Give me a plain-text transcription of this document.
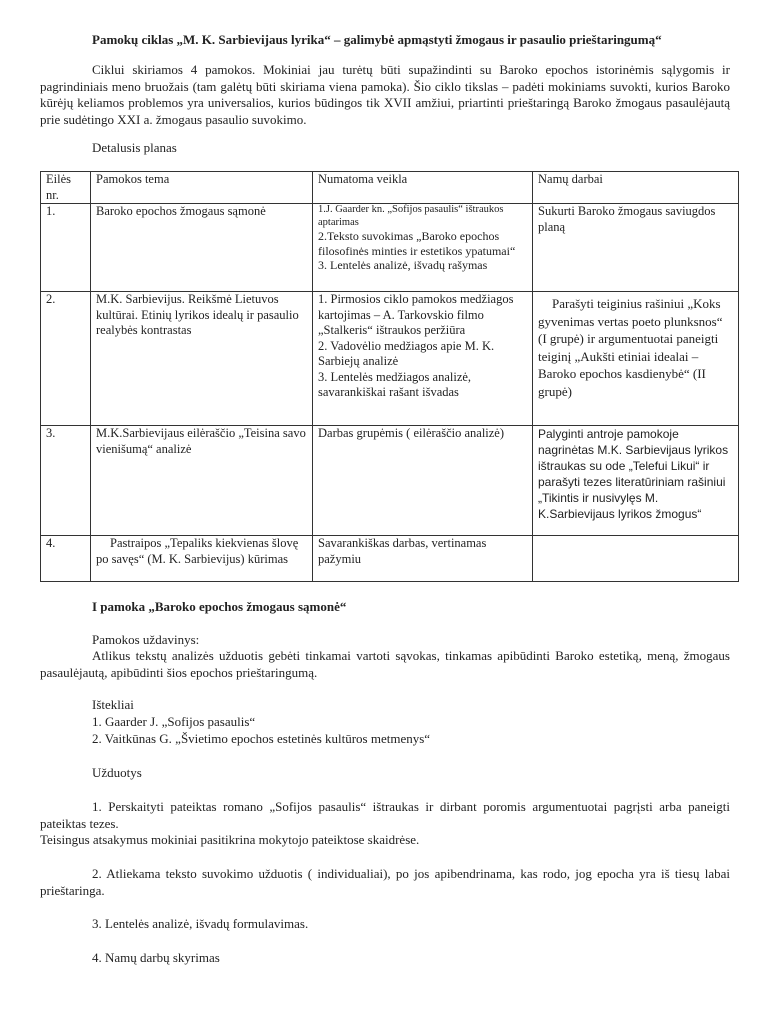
Pamokų ciklas „M. K. Sarbievijaus lyrika“ – galimybė apmąstyti žmogaus ir pasaulio prieštaringumą“
Ciklui skiriamos 4 pamokos. Mokiniai jau turėtų būti supažindinti su Baroko epochos istorinėmis sąlygomis ir pagrindiniais meno bruožais (tam galėtų būti skiriama viena pamoka). Šio ciklo tikslas – padėti mokiniams suvokti, kurios Baroko kūrėjų keliamos problemos yra universalios, kurios būdingos tik XVII amžiui, priartinti prieštaringą Baroko žmogaus pasaulėjautą prie sudėtingo XXI a. žmogaus pasaulio suvokimo.
Detalusis planas
Eilės nr.	Pamokos tema	Numatoma veikla	Namų darbai
1.	Baroko epochos žmogaus sąmonė	1.J. Gaarder kn. „Sofijos pasaulis“ ištraukos aptarimas
2.Teksto suvokimas „Baroko epochos filosofinės minties ir estetikos ypatumai“
3. Lentelės analizė, išvadų rašymas	Sukurti Baroko žmogaus saviugdos planą
2.	M.K. Sarbievijus. Reikšmė Lietuvos kultūrai. Etinių lyrikos idealų ir pasaulio realybės kontrastas	1. Pirmosios ciklo pamokos medžiagos kartojimas – A. Tarkovskio filmo „Stalkeris“ ištraukos peržiūra
2. Vadovėlio medžiagos apie M. K. Sarbiejų analizė
3. Lentelės medžiagos analizė, savarankiškai rašant išvadas	Parašyti teiginius rašiniui „Koks gyvenimas vertas poeto plunksnos“ (I grupė) ir argumentuotai paneigti teiginį „Aukšti etiniai idealai – Baroko epochos kasdienybė“ (II grupė)
3.	M.K.Sarbievijaus eilėraščio „Teisina savo vienišumą“ analizė	Darbas grupėmis ( eilėraščio analizė)	Palyginti antroje pamokoje nagrinėtas M.K. Sarbievijaus lyrikos ištraukas su ode „Telefui Likui“ ir parašyti tezes literatūriniam rašiniui „Tikintis ir nusivylęs M. K.Sarbievijaus lyrikos žmogus“
4.	Pastraipos „Tepaliks kiekvienas šlovę po savęs“ (M. K. Sarbievijus) kūrimas	Savarankiškas darbas, vertinamas pažymiu	
I pamoka „Baroko epochos žmogaus sąmonė“
Pamokos uždavinys:
Atlikus tekstų analizės užduotis gebėti tinkamai vartoti sąvokas, tinkamas apibūdinti Baroko estetiką, meną, žmogaus pasaulėjautą, apibūdinti šios epochos prieštaringumą.
Ištekliai
1. Gaarder J. „Sofijos pasaulis“
2. Vaitkūnas G. „Švietimo epochos estetinės kultūros metmenys“
Užduotys
1. Perskaityti pateiktas romano „Sofijos pasaulis“ ištraukas ir dirbant poromis argumentuotai pagrįsti arba paneigti pateiktas tezes.
Teisingus atsakymus mokiniai pasitikrina mokytojo pateiktose skaidrėse.
2. Atliekama teksto suvokimo užduotis ( individualiai), po jos apibendrinama, kas rodo, jog epocha yra iš tiesų labai prieštaringa.
3. Lentelės analizė, išvadų formulavimas.
4. Namų darbų skyrimas
